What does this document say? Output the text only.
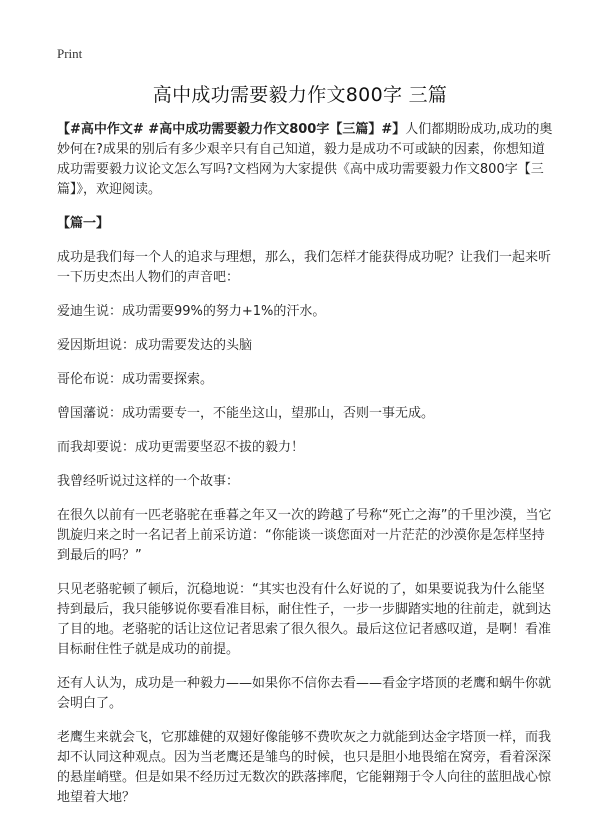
Print
高中成功需要毅力作文800字 三篇

【#高中作文# #高中成功需要毅力作文800字【三篇】#】人们都期盼成功,成功的奥妙何在?成果的别后有多少艰辛只有自己知道，毅力是成功不可或缺的因素，你想知道成功需要毅力议论文怎么写吗?文档网为大家提供《高中成功需要毅力作文800字【三篇】》，欢迎阅读。

【篇一】

成功是我们每一个人的追求与理想，那么，我们怎样才能获得成功呢？让我们一起来听一下历史杰出人物们的声音吧：

爱迪生说：成功需要99%的努力+1%的汗水。

爱因斯坦说：成功需要发达的头脑

哥伦布说：成功需要探索。

曾国藩说：成功需要专一，不能坐这山，望那山，否则一事无成。

而我却要说：成功更需要坚忍不拔的毅力！

我曾经听说过这样的一个故事：

在很久以前有一匹老骆驼在垂暮之年又一次的跨越了号称“死亡之海”的千里沙漠，当它凯旋归来之时一名记者上前采访道：“你能谈一谈您面对一片茫茫的沙漠你是怎样坚持到最后的吗？”

只见老骆驼顿了顿后，沉稳地说：“其实也没有什么好说的了，如果要说我为什么能坚持到最后，我只能够说你要看准目标，耐住性子，一步一步脚踏实地的往前走，就到达了目的地。老骆驼的话让这位记者思索了很久很久。最后这位记者感叹道，是啊！看准目标耐住性子就是成功的前提。

还有人认为，成功是一种毅力——如果你不信你去看——看金字塔顶的老鹰和蜗牛你就会明白了。

老鹰生来就会飞，它那雄健的双翅好像能够不费吹灰之力就能到达金字塔顶一样，而我却不认同这种观点。因为当老鹰还是雏鸟的时候，也只是胆小地畏缩在窝旁，看着深深的悬崖峭壁。但是如果不经历过无数次的跌落摔爬，它能翱翔于令人向往的蓝胆战心惊地望着大地？
